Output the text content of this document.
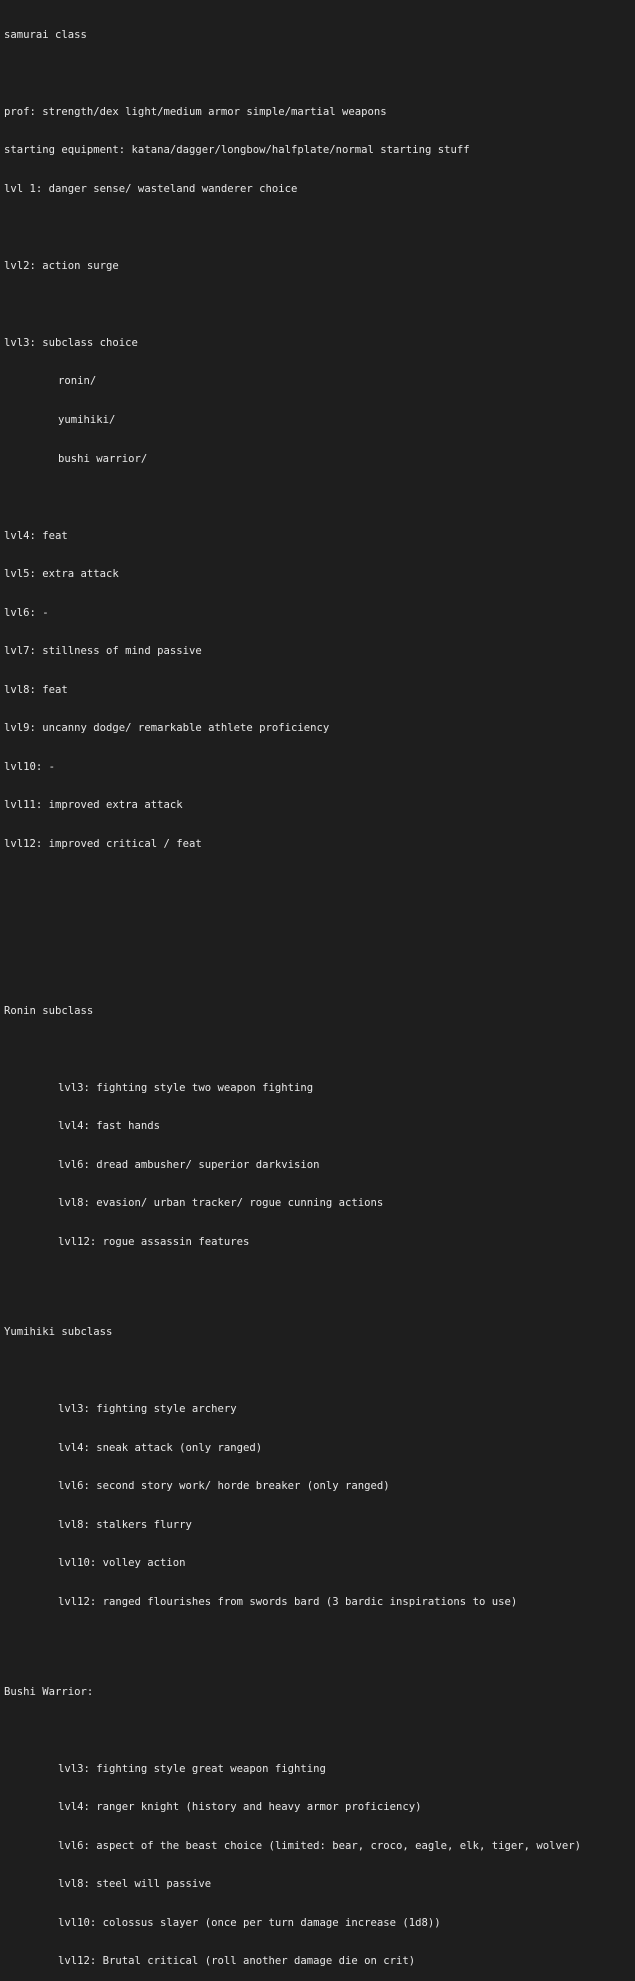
samurai class

prof: strength/dex light/medium armor simple/martial weapons

starting equipment: katana/dagger/longbow/halfplate/normal starting stuff

lvl 1: danger sense/ wasteland wanderer choice

lvl2: action surge

lvl3: subclass choice

ronin/

yumihiki/

bushi warrior/

lvl4: feat

lvl5: extra attack

lvl6: -

lvl7: stillness of mind passive

lvl8: feat

lvl9: uncanny dodge/ remarkable athlete proficiency

lvl10: -

lvl11: improved extra attack

lvl12: improved critical / feat

Ronin subclass

lvl3: fighting style two weapon fighting

lvl4: fast hands

lvl6: dread ambusher/ superior darkvision

lvl8: evasion/ urban tracker/ rogue cunning actions

lvl12: rogue assassin features

Yumihiki subclass

lvl3: fighting style archery

lvl4: sneak attack (only ranged)

lvl6: second story work/ horde breaker (only ranged)

lvl8: stalkers flurry

lvl10: volley action

lvl12: ranged flourishes from swords bard (3 bardic inspirations to use)

Bushi Warrior:

lvl3: fighting style great weapon fighting

lvl4: ranger knight (history and heavy armor proficiency)

lvl6: aspect of the beast choice (limited: bear, croco, eagle, elk, tiger, wolver)

lvl8: steel will passive

lvl10: colossus slayer (once per turn damage increase (1d8))

lvl12: Brutal critical (roll another damage die on crit)
